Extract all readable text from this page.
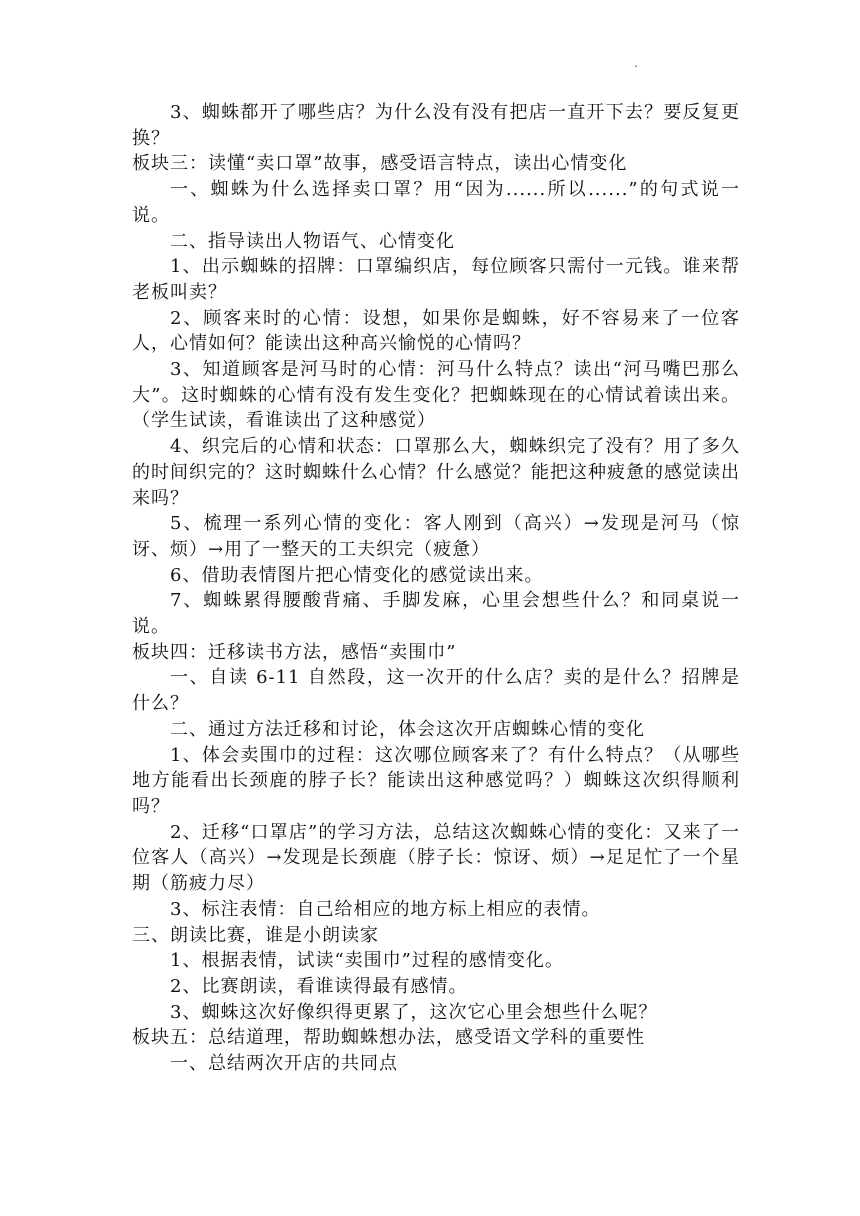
.

3、蜘蛛都开了哪些店？为什么没有没有把店一直开下去？要反复更换？

板块三：读懂“卖口罩”故事，感受语言特点，读出心情变化

一、蜘蛛为什么选择卖口罩？用“因为......所以......”的句式说一说。

二、指导读出人物语气、心情变化

1、出示蜘蛛的招牌：口罩编织店，每位顾客只需付一元钱。谁来帮老板叫卖？

2、顾客来时的心情：设想，如果你是蜘蛛，好不容易来了一位客人，心情如何？能读出这种高兴愉悦的心情吗？

3、知道顾客是河马时的心情：河马什么特点？读出“河马嘴巴那么大”。这时蜘蛛的心情有没有发生变化？把蜘蛛现在的心情试着读出来。（学生试读，看谁读出了这种感觉）

4、织完后的心情和状态：口罩那么大，蜘蛛织完了没有？用了多久的时间织完的？这时蜘蛛什么心情？什么感觉？能把这种疲惫的感觉读出来吗？

5、梳理一系列心情的变化：客人刚到（高兴）→发现是河马（惊讶、烦）→用了一整天的工夫织完（疲惫）

6、借助表情图片把心情变化的感觉读出来。

7、蜘蛛累得腰酸背痛、手脚发麻，心里会想些什么？和同桌说一说。

板块四：迁移读书方法，感悟“卖围巾”

一、自读 6-11 自然段，这一次开的什么店？卖的是什么？招牌是什么？

二、通过方法迁移和讨论，体会这次开店蜘蛛心情的变化

1、体会卖围巾的过程：这次哪位顾客来了？有什么特点？（从哪些地方能看出长颈鹿的脖子长？能读出这种感觉吗？）蜘蛛这次织得顺利吗？

2、迁移“口罩店”的学习方法，总结这次蜘蛛心情的变化：又来了一位客人（高兴）→发现是长颈鹿（脖子长：惊讶、烦）→足足忙了一个星期（筋疲力尽）

3、标注表情：自己给相应的地方标上相应的表情。

三、朗读比赛，谁是小朗读家

1、根据表情，试读“卖围巾”过程的感情变化。

2、比赛朗读，看谁读得最有感情。

3、蜘蛛这次好像织得更累了，这次它心里会想些什么呢？

板块五：总结道理，帮助蜘蛛想办法，感受语文学科的重要性

一、总结两次开店的共同点
